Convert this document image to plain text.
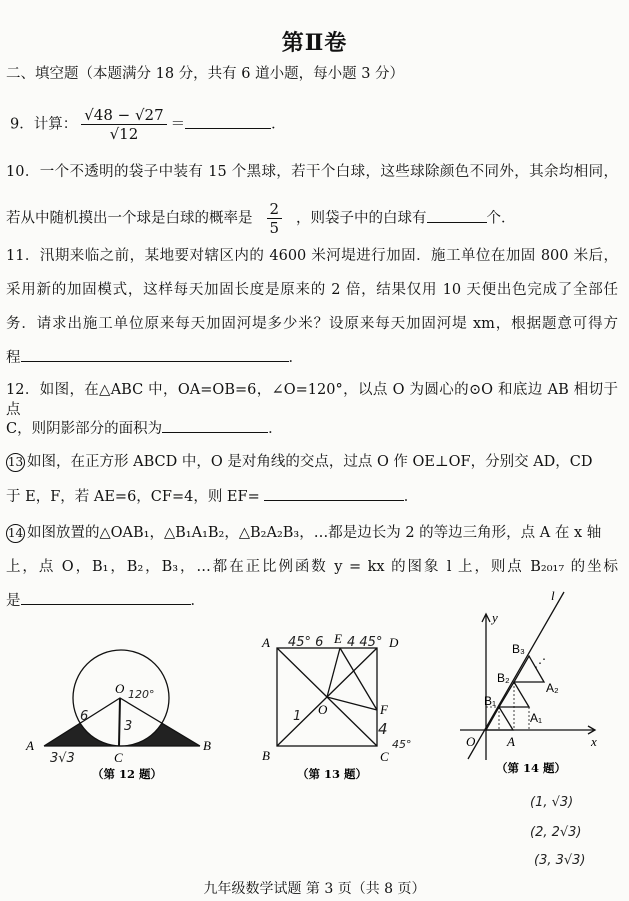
第Ⅱ卷
二、填空题（本题满分 18 分，共有 6 道小题，每小题 3 分）
9．计算： $\frac{√48 - √27}{√12}$ ＝	．
10．一个不透明的袋子中装有 15 个黑球，若干个白球，这些球除颜色不同外，其余均相同，
若从中随机摸出一个球是白球的概率是 $\frac{2}{5}$ ，则袋子中的白球有	个．
11．汛期来临之前，某地要对辖区内的 4600 米河堤进行加固．施工单位在加固 800 米后，
采用新的加固模式，这样每天加固长度是原来的 2 倍，结果仅用 10 天便出色完成了全部任
务．请求出施工单位原来每天加固河堤多少米？设原来每天加固河堤 xm，根据题意可得方
程	．
12．如图，在△ABC 中，OA=OB=6，∠O=120°，以点 O 为圆心的⊙O 和底边 AB 相切于点
C，则阴影部分的面积为	．
13 如图，在正方形 ABCD 中，O 是对角线的交点，过点 O 作 OE⊥OF，分别交 AD，CD
于 E，F，若 AE=6，CF=4，则 EF=	．
14 如图放置的△OAB₁，△B₁A₁B₂，△B₂A₂B₃，…都是边长为 2 的等边三角形，点 A 在 x 轴
上，点 O，B₁，B₂，B₃，…都在正比例函数 y = kx 的图象 l 上，则点 B₂₀₁₇ 的坐标
是	．
A	B
C
O
6
3
120°
3√3
（第 12 题）
A
B	C
D
E
F
O
45° 6 4 45°
4
45°
1
（第 13 题）
O A	x
y
l
B₁
B₂
B₃
A₁
A₂
⋰
（第 14 题）
(1, √3)
(2, 2√3)
(3, 3√3)
九年级数学试题 第 3 页（共 8 页）
